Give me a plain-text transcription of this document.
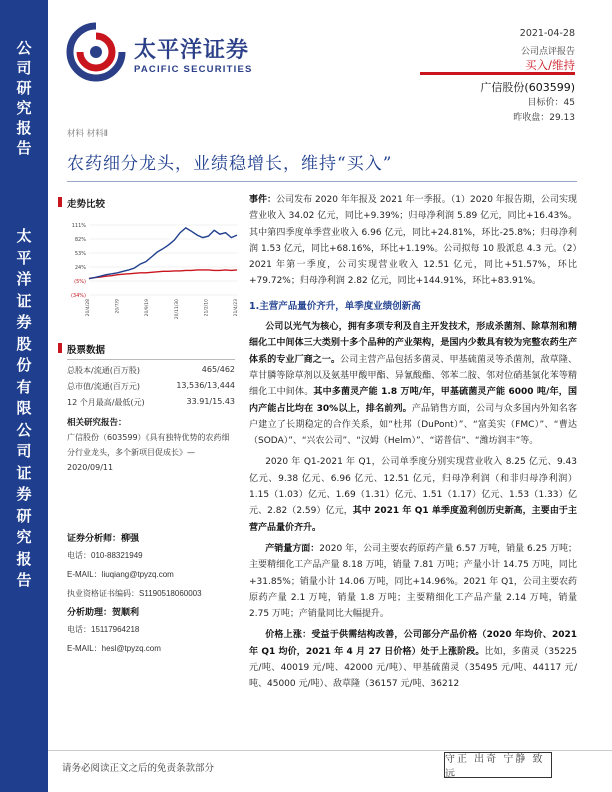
公
司
研
究
报
告
太
平
洋
证
券
股
份
有
限
公
司
证
券
研
究
报
告
太平洋证券
PACIFIC SECURITIES
2021-04-28
公司点评报告
买入/维持
广信股份(603599)
目标价：45
昨收盘：29.13
材料 材料Ⅱ
农药细分龙头，业绩稳增长，维持“买入”
走势比较
111%
82%
53%
24%
(5%)
(34%)
20/4/28	20/7/9	20/9/19	20/11/30	21/2/10	21/4/23
股票数据
总股本/流通(百万股)	465/462
总市值/流通(百万元)	13,536/13,444
12 个月最高/最低(元)	33.91/15.43
相关研究报告：
广信股份（603599）《具有独特优势的农药细分行业龙头，多个新项目促成长》—2020/09/11
证券分析师：柳强
电话：010-88321949
E-MAIL：liuqiang@tpyzq.com
执业资格证书编码：S1190518060003
分析助理：贺顺利
电话：15117964218
E-MAIL：hesl@tpyzq.com

事件：公司发布 2020 年年报及 2021 年一季报。（1）2020 年报告期，公司实现营业收入 34.02 亿元，同比+9.39%；归母净利润 5.89 亿元，同比+16.43%。其中第四季度单季营业收入 6.96 亿元，同比+24.81%，环比-25.8%；归母净利润 1.53 亿元，同比+68.16%，环比+1.19%。公司拟每 10 股派息 4.3 元。（2）2021 年第一季度，公司实现营业收入 12.51 亿元，同比+51.57%，环比+79.72%；归母净利润 2.82 亿元，同比+144.91%，环比+83.91%。

1.主营产品量价齐升，单季度业绩创新高

公司以光气为核心，拥有多项专利及自主开发技术，形成杀菌剂、除草剂和精细化工中间体三大类别十多个品种的产业架构，是国内少数具有较为完整农药生产体系的专业厂商之一。公司主营产品包括多菌灵、甲基硫菌灵等杀菌剂，敌草隆、草甘膦等除草剂以及氨基甲酸甲酯、异氰酸酯、邻苯二胺、邻对位硝基氯化苯等精细化工中间体。其中多菌灵产能 1.8 万吨/年，甲基硫菌灵产能 6000 吨/年，国内产能占比均在 30%以上，排名前列。产品销售方面，公司与众多国内外知名客户建立了长期稳定的合作关系，如“杜邦（DuPont）”、“富美实（FMC）”、“曹达（SODA）”、“兴农公司”、“汉姆（Helm）”、“诺普信”、“潍坊润丰”等。

2020 年 Q1-2021 年 Q1，公司单季度分别实现营业收入 8.25 亿元、9.43 亿元、9.38 亿元、6.96 亿元、12.51 亿元，归母净利润（和非归母净利润）1.15（1.03）亿元、1.69（1.31）亿元、1.51（1.17）亿元、1.53（1.33）亿元、2.82（2.59）亿元，其中 2021 年 Q1 单季度盈利创历史新高，主要由于主营产品量价齐升。

产销量方面：2020 年，公司主要农药原药产量 6.57 万吨，销量 6.25 万吨；主要精细化工产品产量 8.18 万吨，销量 7.81 万吨；产量小计 14.75 万吨，同比+31.85%；销量小计 14.06 万吨，同比+14.96%。2021 年 Q1，公司主要农药原药产量 2.1 万吨，销量 1.8 万吨；主要精细化工产品产量 2.14 万吨，销量 2.75 万吨；产销量同比大幅提升。

价格上涨：受益于供需结构改善，公司部分产品价格（2020 年均价、2021 年 Q1 均价，2021 年 4 月 27 日价格）处于上涨阶段。比如，多菌灵（35225 元/吨、40019 元/吨、42000 元/吨）、甲基硫菌灵（35495 元/吨、44117 元/吨、45000 元/吨）、敌草隆（36157 元/吨、36212

请务必阅读正文之后的免责条款部分
守正 出奇 宁静 致远
